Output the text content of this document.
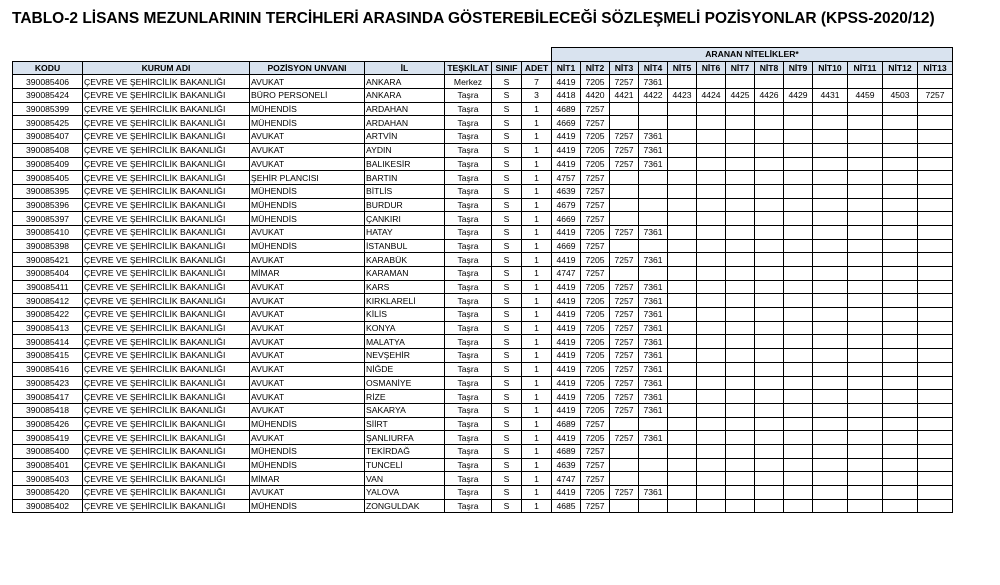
TABLO-2 LİSANS MEZUNLARININ TERCİHLERİ ARASINDA GÖSTEREBİLECEĞİ SÖZLEŞMELİ POZİSYONLAR (KPSS-2020/12)
							ARANAN NİTELİKLER*												
KODU	KURUM ADI	POZİSYON UNVANI	İL	TEŞKİLAT	SINIF	ADET	NİT1	NİT2	NİT3	NİT4	NİT5	NİT6	NİT7	NİT8	NİT9	NİT10	NİT11	NİT12	NİT13
390085406	ÇEVRE VE ŞEHİRCİLİK BAKANLIĞI	AVUKAT	ANKARA	Merkez	S	7	4419	7205	7257	7361									
390085424	ÇEVRE VE ŞEHİRCİLİK BAKANLIĞI	BÜRO PERSONELİ	ANKARA	Taşra	S	3	4418	4420	4421	4422	4423	4424	4425	4426	4429	4431	4459	4503	7257
390085399	ÇEVRE VE ŞEHİRCİLİK BAKANLIĞI	MÜHENDİS	ARDAHAN	Taşra	S	1	4689	7257											
390085425	ÇEVRE VE ŞEHİRCİLİK BAKANLIĞI	MÜHENDİS	ARDAHAN	Taşra	S	1	4669	7257											
390085407	ÇEVRE VE ŞEHİRCİLİK BAKANLIĞI	AVUKAT	ARTVİN	Taşra	S	1	4419	7205	7257	7361									
390085408	ÇEVRE VE ŞEHİRCİLİK BAKANLIĞI	AVUKAT	AYDIN	Taşra	S	1	4419	7205	7257	7361									
390085409	ÇEVRE VE ŞEHİRCİLİK BAKANLIĞI	AVUKAT	BALIKESİR	Taşra	S	1	4419	7205	7257	7361									
390085405	ÇEVRE VE ŞEHİRCİLİK BAKANLIĞI	ŞEHİR PLANCISI	BARTIN	Taşra	S	1	4757	7257											
390085395	ÇEVRE VE ŞEHİRCİLİK BAKANLIĞI	MÜHENDİS	BİTLİS	Taşra	S	1	4639	7257											
390085396	ÇEVRE VE ŞEHİRCİLİK BAKANLIĞI	MÜHENDİS	BURDUR	Taşra	S	1	4679	7257											
390085397	ÇEVRE VE ŞEHİRCİLİK BAKANLIĞI	MÜHENDİS	ÇANKIRI	Taşra	S	1	4669	7257											
390085410	ÇEVRE VE ŞEHİRCİLİK BAKANLIĞI	AVUKAT	HATAY	Taşra	S	1	4419	7205	7257	7361									
390085398	ÇEVRE VE ŞEHİRCİLİK BAKANLIĞI	MÜHENDİS	İSTANBUL	Taşra	S	1	4669	7257											
390085421	ÇEVRE VE ŞEHİRCİLİK BAKANLIĞI	AVUKAT	KARABÜK	Taşra	S	1	4419	7205	7257	7361									
390085404	ÇEVRE VE ŞEHİRCİLİK BAKANLIĞI	MİMAR	KARAMAN	Taşra	S	1	4747	7257											
390085411	ÇEVRE VE ŞEHİRCİLİK BAKANLIĞI	AVUKAT	KARS	Taşra	S	1	4419	7205	7257	7361									
390085412	ÇEVRE VE ŞEHİRCİLİK BAKANLIĞI	AVUKAT	KIRKLARELİ	Taşra	S	1	4419	7205	7257	7361									
390085422	ÇEVRE VE ŞEHİRCİLİK BAKANLIĞI	AVUKAT	KİLİS	Taşra	S	1	4419	7205	7257	7361									
390085413	ÇEVRE VE ŞEHİRCİLİK BAKANLIĞI	AVUKAT	KONYA	Taşra	S	1	4419	7205	7257	7361									
390085414	ÇEVRE VE ŞEHİRCİLİK BAKANLIĞI	AVUKAT	MALATYA	Taşra	S	1	4419	7205	7257	7361									
390085415	ÇEVRE VE ŞEHİRCİLİK BAKANLIĞI	AVUKAT	NEVŞEHİR	Taşra	S	1	4419	7205	7257	7361									
390085416	ÇEVRE VE ŞEHİRCİLİK BAKANLIĞI	AVUKAT	NİĞDE	Taşra	S	1	4419	7205	7257	7361									
390085423	ÇEVRE VE ŞEHİRCİLİK BAKANLIĞI	AVUKAT	OSMANİYE	Taşra	S	1	4419	7205	7257	7361									
390085417	ÇEVRE VE ŞEHİRCİLİK BAKANLIĞI	AVUKAT	RİZE	Taşra	S	1	4419	7205	7257	7361									
390085418	ÇEVRE VE ŞEHİRCİLİK BAKANLIĞI	AVUKAT	SAKARYA	Taşra	S	1	4419	7205	7257	7361									
390085426	ÇEVRE VE ŞEHİRCİLİK BAKANLIĞI	MÜHENDİS	SİİRT	Taşra	S	1	4689	7257											
390085419	ÇEVRE VE ŞEHİRCİLİK BAKANLIĞI	AVUKAT	ŞANLIURFA	Taşra	S	1	4419	7205	7257	7361									
390085400	ÇEVRE VE ŞEHİRCİLİK BAKANLIĞI	MÜHENDİS	TEKİRDAĞ	Taşra	S	1	4689	7257											
390085401	ÇEVRE VE ŞEHİRCİLİK BAKANLIĞI	MÜHENDİS	TUNCELİ	Taşra	S	1	4639	7257											
390085403	ÇEVRE VE ŞEHİRCİLİK BAKANLIĞI	MİMAR	VAN	Taşra	S	1	4747	7257											
390085420	ÇEVRE VE ŞEHİRCİLİK BAKANLIĞI	AVUKAT	YALOVA	Taşra	S	1	4419	7205	7257	7361									
390085402	ÇEVRE VE ŞEHİRCİLİK BAKANLIĞI	MÜHENDİS	ZONGULDAK	Taşra	S	1	4685	7257											
